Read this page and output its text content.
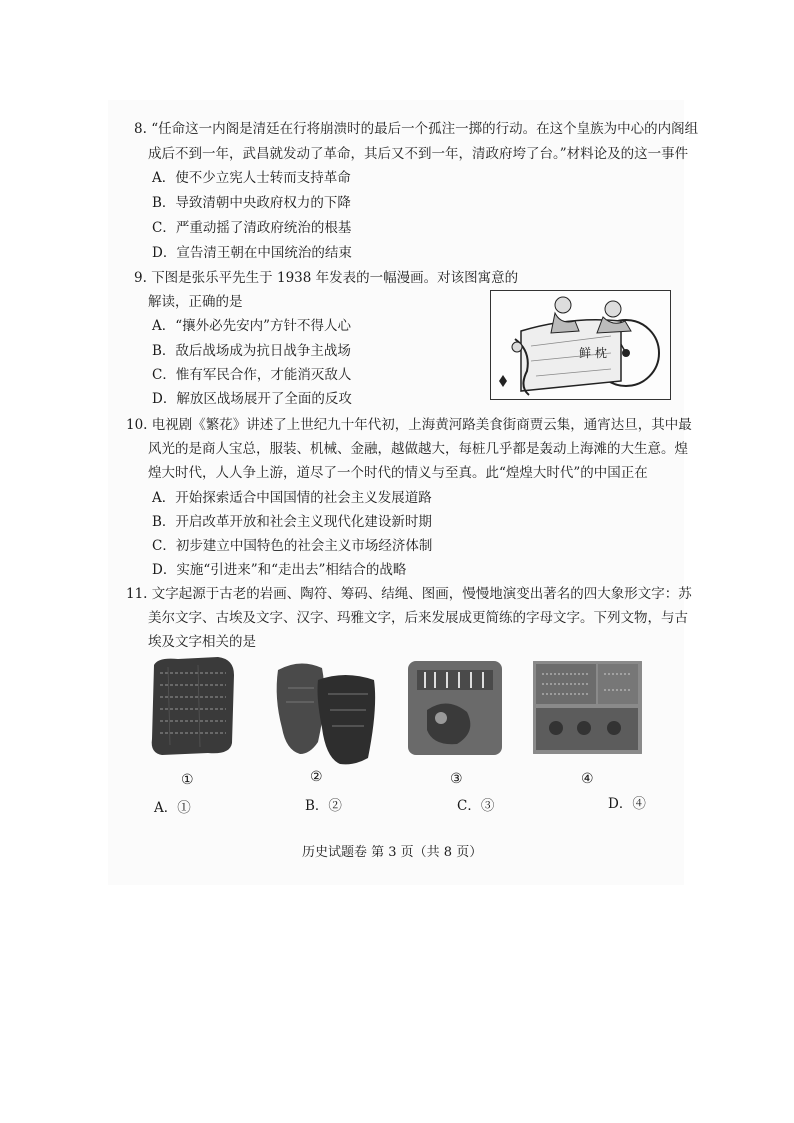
8. “任命这一内阁是清廷在行将崩溃时的最后一个孤注一掷的行动。在这个皇族为中心的内阁组
成后不到一年，武昌就发动了革命，其后又不到一年，清政府垮了台。”材料论及的这一事件
A．使不少立宪人士转而支持革命
B．导致清朝中央政府权力的下降
C．严重动摇了清政府统治的根基
D．宣告清王朝在中国统治的结束
9. 下图是张乐平先生于 1938 年发表的一幅漫画。对该图寓意的
解读，正确的是
A．“攘外必先安内”方针不得人心
B．敌后战场成为抗日战争主战场
C．惟有军民合作，才能消灭敌人
D．解放区战场展开了全面的反攻
鲜 枕
10. 电视剧《繁花》讲述了上世纪九十年代初，上海黄河路美食街商贾云集，通宵达旦，其中最
风光的是商人宝总，服装、机械、金融，越做越大，每桩几乎都是轰动上海滩的大生意。煌
煌大时代，人人争上游，道尽了一个时代的情义与至真。此“煌煌大时代”的中国正在
A．开始探索适合中国国情的社会主义发展道路
B．开启改革开放和社会主义现代化建设新时期
C．初步建立中国特色的社会主义市场经济体制
D．实施“引进来”和“走出去”相结合的战略
11. 文字起源于古老的岩画、陶符、筹码、结绳、图画，慢慢地演变出著名的四大象形文字：苏
美尔文字、古埃及文字、汉字、玛雅文字，后来发展成更简练的字母文字。下列文物，与古
埃及文字相关的是
①	②	③	④
A．①	B．②	C．③	D．④
历史试题卷 第 3 页（共 8 页）
